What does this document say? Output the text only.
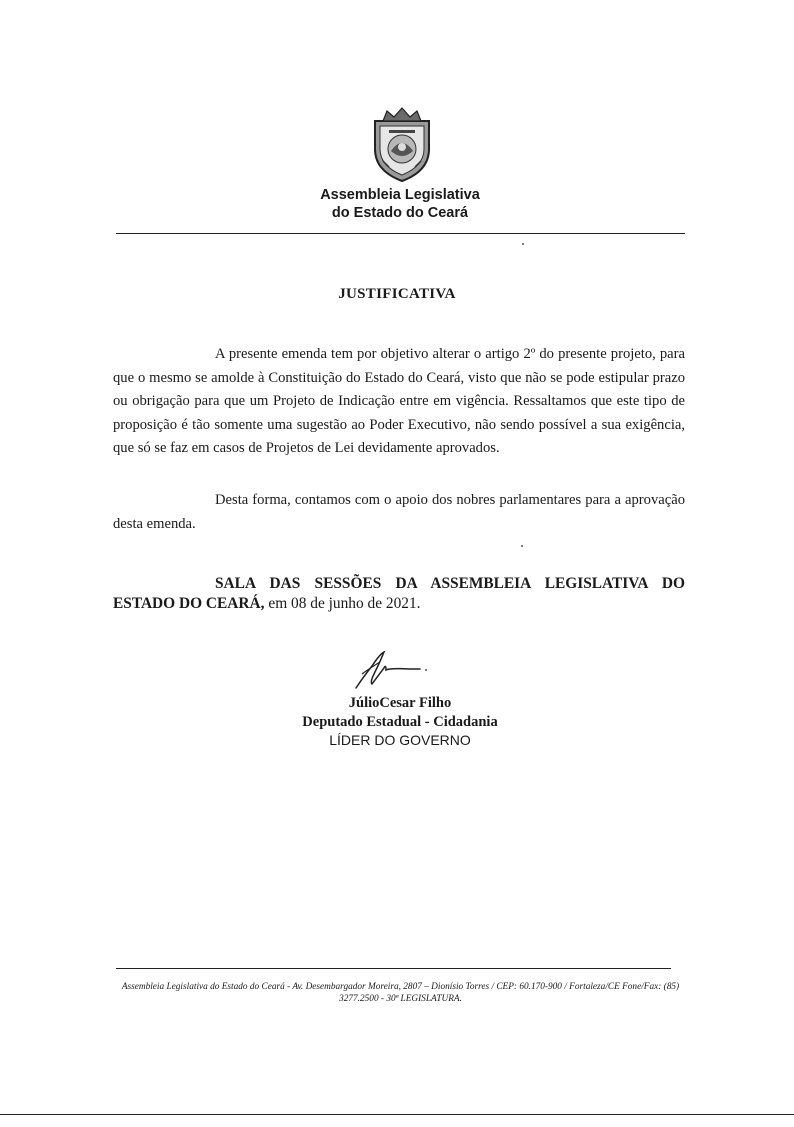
Assembleia Legislativa
do Estado do Ceará
JUSTIFICATIVA
A presente emenda tem por objetivo alterar o artigo 2º do presente projeto, para que o mesmo se amolde à Constituição do Estado do Ceará, visto que não se pode estipular prazo ou obrigação para que um Projeto de Indicação entre em vigência. Ressaltamos que este tipo de proposição é tão somente uma sugestão ao Poder Executivo, não sendo possível a sua exigência, que só se faz em casos de Projetos de Lei devidamente aprovados.
Desta forma, contamos com o apoio dos nobres parlamentares para a aprovação desta emenda.
SALA DAS SESSÕES DA ASSEMBLEIA LEGISLATIVA DO ESTADO DO CEARÁ, em 08 de junho de 2021.
JúlioCesar Filho
Deputado Estadual - Cidadania
LÍDER DO GOVERNO
Assembleia Legislativa do Estado do Ceará - Av. Desembargador Moreira, 2807 – Dionísio Torres / CEP: 60.170-900 / Fortaleza/CE Fone/Fax: (85)
3277.2500 - 30ª LEGISLATURA.
